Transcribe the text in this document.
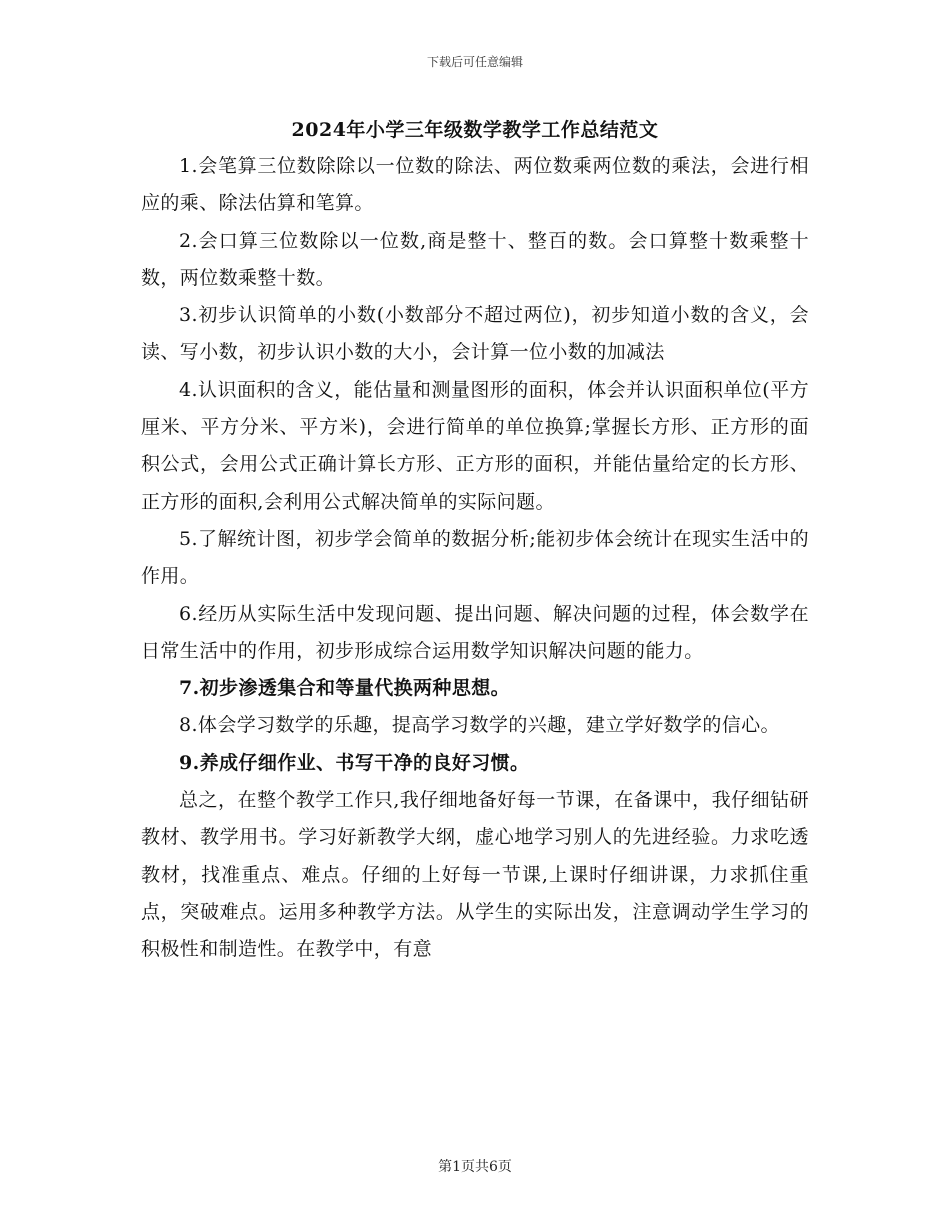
下载后可任意编辑
2024年小学三年级数学教学工作总结范文

1.会笔算三位数除除以一位数的除法、两位数乘两位数的乘法，会进行相应的乘、除法估算和笔算。

2.会口算三位数除以一位数,商是整十、整百的数。会口算整十数乘整十数，两位数乘整十数。

3.初步认识简单的小数(小数部分不超过两位)，初步知道小数的含义，会读、写小数，初步认识小数的大小，会计算一位小数的加减法

4.认识面积的含义，能估量和测量图形的面积，体会并认识面积单位(平方厘米、平方分米、平方米)，会进行简单的单位换算;掌握长方形、正方形的面积公式，会用公式正确计算长方形、正方形的面积，并能估量给定的长方形、正方形的面积,会利用公式解决简单的实际问题。

5.了解统计图，初步学会简单的数据分析;能初步体会统计在现实生活中的作用。

6.经历从实际生活中发现问题、提出问题、解决问题的过程，体会数学在日常生活中的作用，初步形成综合运用数学知识解决问题的能力。

7.初步渗透集合和等量代换两种思想。

8.体会学习数学的乐趣，提高学习数学的兴趣，建立学好数学的信心。

9.养成仔细作业、书写干净的良好习惯。

总之，在整个教学工作只,我仔细地备好每一节课，在备课中，我仔细钻研教材、教学用书。学习好新教学大纲，虚心地学习别人的先进经验。力求吃透教材，找准重点、难点。仔细的上好每一节课,上课时仔细讲课，力求抓住重点，突破难点。运用多种教学方法。从学生的实际出发，注意调动学生学习的积极性和制造性。在教学中，有意

第1页共6页
